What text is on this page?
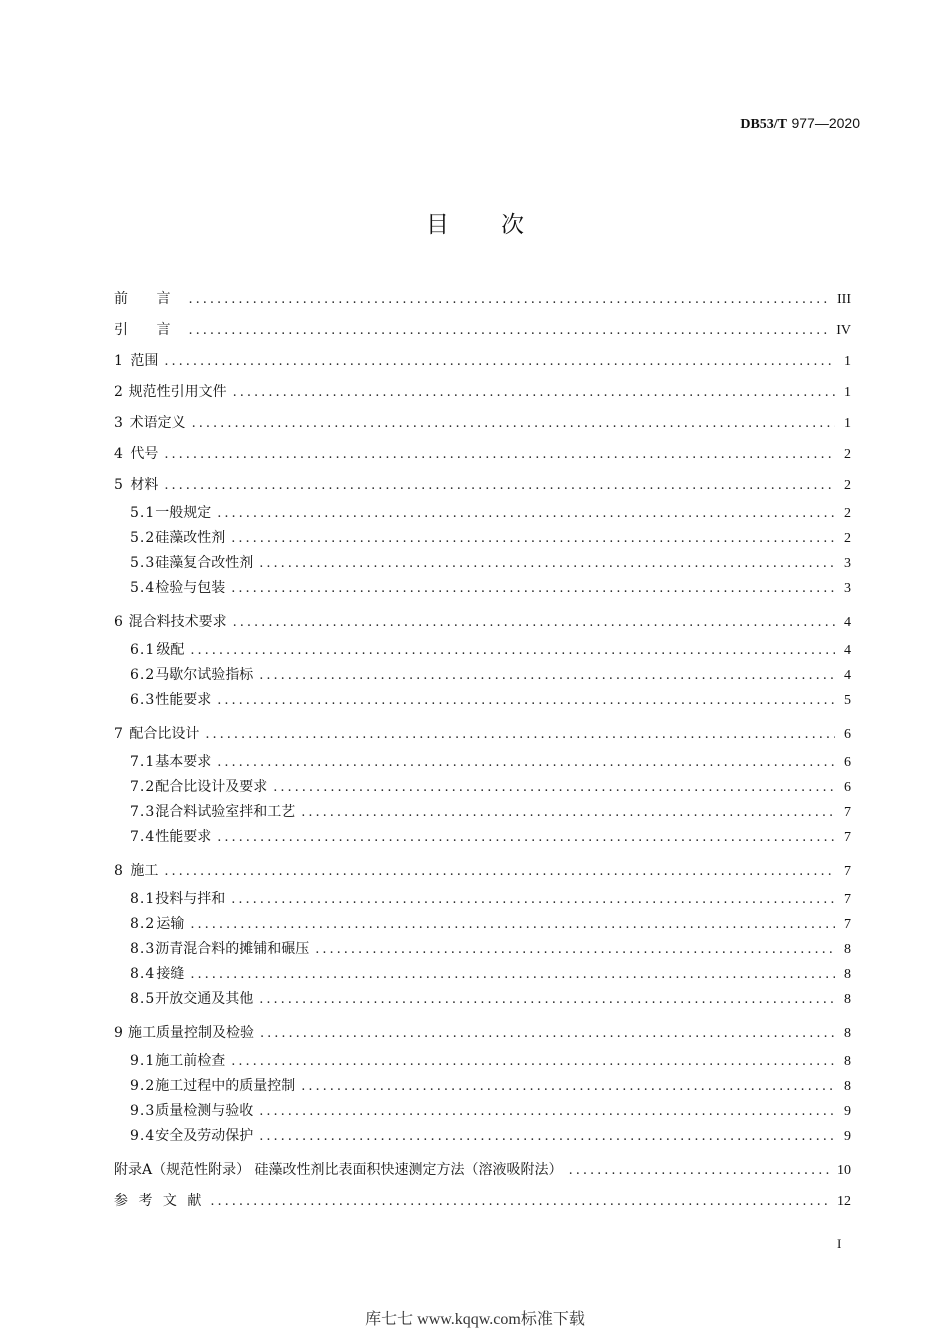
DB53/T 977—2020
目次
前 言 .....	III
引 言 .....	IV
1 范围 .....	1
2 规范性引用文件 .....	1
3 术语定义 .....	1
4 代号 .....	2
5 材料 .....	2
5.1 一般规定 .....	2
5.2 硅藻改性剂 .....	2
5.3 硅藻复合改性剂 .....	3
5.4 检验与包装 .....	3
6 混合料技术要求 .....	4
6.1 级配 .....	4
6.2 马歇尔试验指标 .....	4
6.3 性能要求 .....	5
7 配合比设计 .....	6
7.1 基本要求 .....	6
7.2 配合比设计及要求 .....	6
7.3 混合料试验室拌和工艺 .....	7
7.4 性能要求 .....	7
8 施工 .....	7
8.1 投料与拌和 .....	7
8.2 运输 .....	7
8.3 沥青混合料的摊铺和碾压 .....	8
8.4 接缝 .....	8
8.5 开放交通及其他 .....	8
9 施工质量控制及检验 .....	8
9.1 施工前检查 .....	8
9.2 施工过程中的质量控制 .....	8
9.3 质量检测与验收 .....	9
9.4 安全及劳动保护 .....	9
附录A（规范性附录） 硅藻改性剂比表面积快速测定方法（溶液吸附法） .....	10
参 考 文 献 .....	12
I
库七七 www.kqqw.com标准下载
